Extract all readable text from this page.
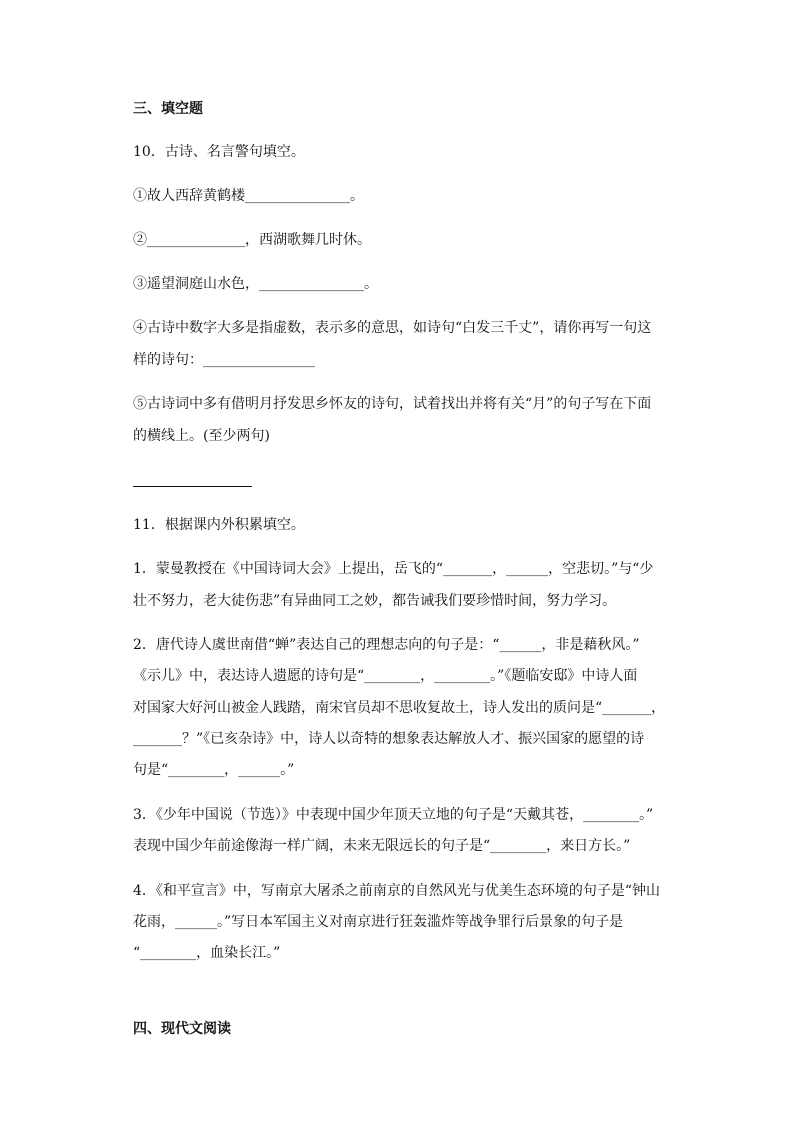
三、填空题
10．古诗、名言警句填空。
①故人西辞黄鹤楼_______________。
②______________，西湖歌舞几时休。
③遥望洞庭山水色，_______________。
④古诗中数字大多是指虚数，表示多的意思，如诗句“白发三千丈”，请你再写一句这
样的诗句：________________
⑤古诗词中多有借明月抒发思乡怀友的诗句，试着找出并将有关“月”的句子写在下面
的横线上。(至少两句)
11．根据课内外积累填空。
1．蒙曼教授在《中国诗词大会》上提出，岳飞的“_______，______，空悲切。”与“少
壮不努力，老大徒伤悲”有异曲同工之妙，都告诫我们要珍惜时间，努力学习。
2．唐代诗人虞世南借“蝉”表达自己的理想志向的句子是：“______，非是藉秋风。”
《示儿》中，表达诗人遗愿的诗句是“________，________。”《题临安邸》中诗人面
对国家大好河山被金人践踏，南宋官员却不思收复故土，诗人发出的质问是“_______，
_______？”《已亥杂诗》中，诗人以奇特的想象表达解放人才、振兴国家的愿望的诗
句是“________，______。”
3．《少年中国说（节选）》中表现中国少年顶天立地的句子是“天戴其苍，________。”
表现中国少年前途像海一样广阔，未来无限远长的句子是“________，来日方长。”
4．《和平宣言》中，写南京大屠杀之前南京的自然风光与优美生态环境的句子是“钟山
花雨，______。”写日本军国主义对南京进行狂轰滥炸等战争罪行后景象的句子是
“________，血染长江。”
四、现代文阅读
